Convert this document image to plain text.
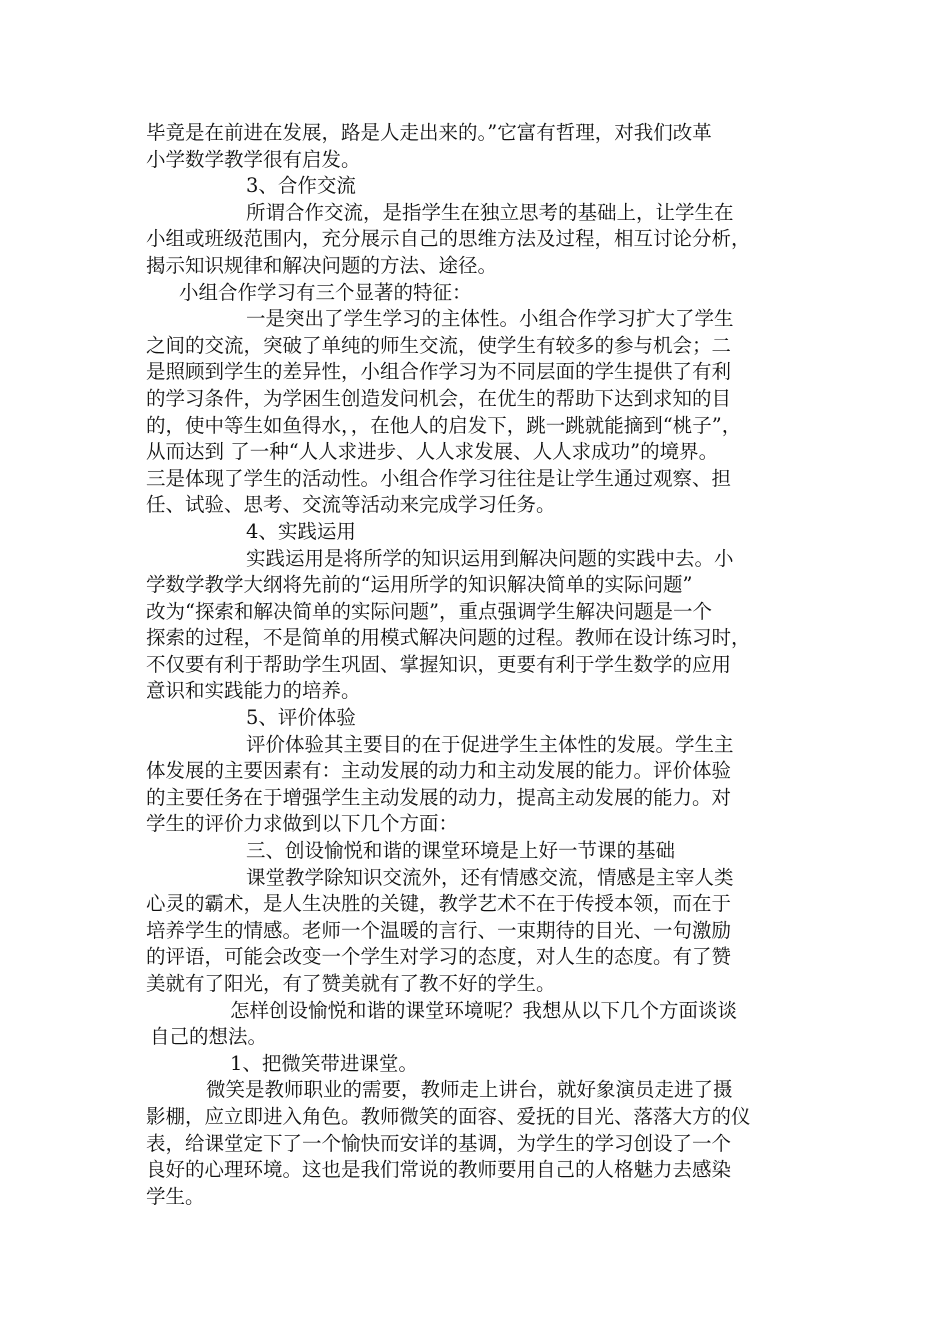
毕竟是在前进在发展，路是人走出来的。”它富有哲理，对我们改革

小学数学教学很有启发。

3、合作交流

所谓合作交流，是指学生在独立思考的基础上，让学生在

小组或班级范围内，充分展示自己的思维方法及过程，相互讨论分析，

揭示知识规律和解决问题的方法、途径。

小组合作学习有三个显著的特征：

一是突出了学生学习的主体性。小组合作学习扩大了学生

之间的交流，突破了单纯的师生交流，使学生有较多的参与机会；二

是照顾到学生的差异性，小组合作学习为不同层面的学生提供了有利

的学习条件，为学困生创造发问机会，在优生的帮助下达到求知的目

的，使中等生如鱼得水，，在他人的启发下，跳一跳就能摘到“桃子”，

从而达到 了一种“人人求进步、人人求发展、人人求成功”的境界。

三是体现了学生的活动性。小组合作学习往往是让学生通过观察、担

任、试验、思考、交流等活动来完成学习任务。

4、实践运用

实践运用是将所学的知识运用到解决问题的实践中去。小

学数学教学大纲将先前的“运用所学的知识解决简单的实际问题”

改为“探索和解决简单的实际问题”，重点强调学生解决问题是一个

探索的过程，不是简单的用模式解决问题的过程。教师在设计练习时，

不仅要有利于帮助学生巩固、掌握知识，更要有利于学生数学的应用

意识和实践能力的培养。

5、评价体验

评价体验其主要目的在于促进学生主体性的发展。学生主

体发展的主要因素有：主动发展的动力和主动发展的能力。评价体验

的主要任务在于增强学生主动发展的动力，提高主动发展的能力。对

学生的评价力求做到以下几个方面：

三、创设愉悦和谐的课堂环境是上好一节课的基础

课堂教学除知识交流外，还有情感交流，情感是主宰人类

心灵的霸术，是人生决胜的关键，教学艺术不在于传授本领，而在于

培养学生的情感。老师一个温暖的言行、一束期待的目光、一句激励

的评语，可能会改变一个学生对学习的态度，对人生的态度。有了赞

美就有了阳光，有了赞美就有了教不好的学生。

怎样创设愉悦和谐的课堂环境呢？我想从以下几个方面谈谈

自己的想法。

1、把微笑带进课堂。

微笑是教师职业的需要，教师走上讲台，就好象演员走进了摄

影棚，应立即进入角色。教师微笑的面容、爱抚的目光、落落大方的仪

表，给课堂定下了一个愉快而安详的基调，为学生的学习创设了一个

良好的心理环境。这也是我们常说的教师要用自己的人格魅力去感染

学生。
